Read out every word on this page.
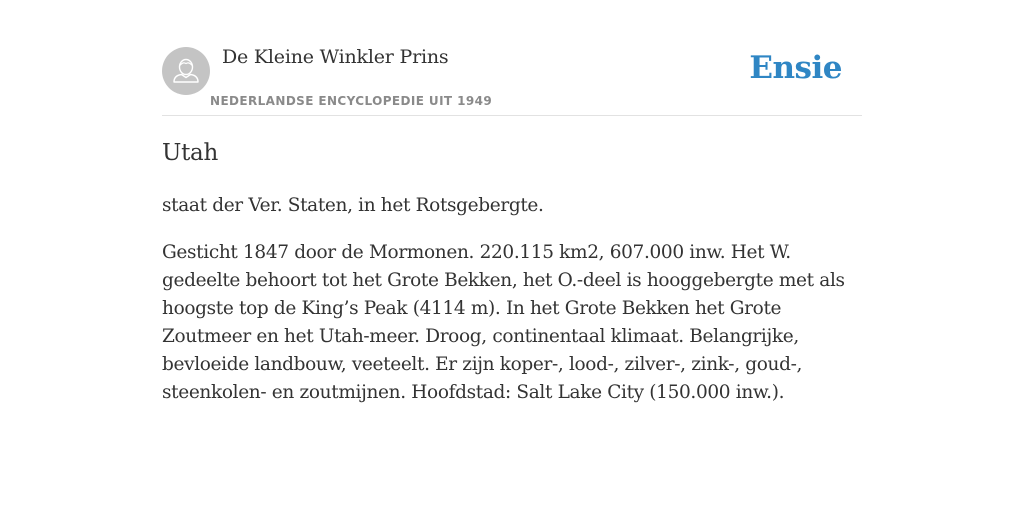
De Kleine Winkler Prins
NEDERLANDSE ENCYCLOPEDIE UIT 1949
Ensie
Utah

staat der Ver. Staten, in het Rotsgebergte.

Gesticht 1847 door de Mormonen. 220.115 km2, 607.000 inw. Het W. gedeelte behoort tot het Grote Bekken, het O.-deel is hooggebergte met als hoogste top de King’s Peak (4114 m). In het Grote Bekken het Grote Zoutmeer en het Utah-meer. Droog, continentaal klimaat. Belangrijke, bevloeide landbouw, veeteelt. Er zijn koper-, lood-, zilver-, zink-, goud-, steenkolen- en zoutmijnen. Hoofdstad: Salt Lake City (150.000 inw.).
